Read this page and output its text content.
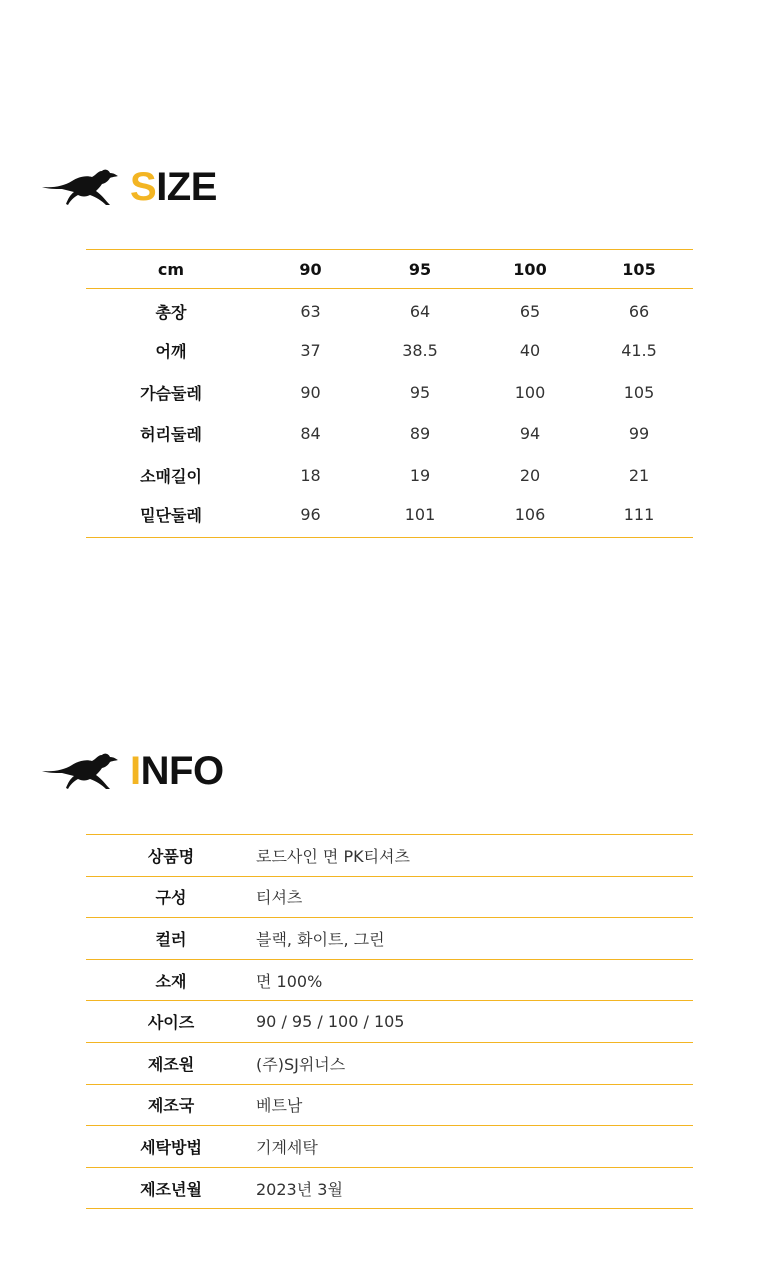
SIZE
cm	90	95	100	105	
총장	63	64	65	66	
어깨	37	38.5	40	41.5	
가슴둘레	90	95	100	105	
허리둘레	84	89	94	99	
소매길이	18	19	20	21	
밑단둘레	96	101	106	111	
INFO
상품명	로드사인 면 PK티셔츠
구성	티셔츠
컬러	블랙, 화이트, 그린
소재	면 100%
사이즈	90 / 95 / 100 / 105
제조원	(주)SJ위너스
제조국	베트남
세탁방법	기계세탁
제조년월	2023년 3월
